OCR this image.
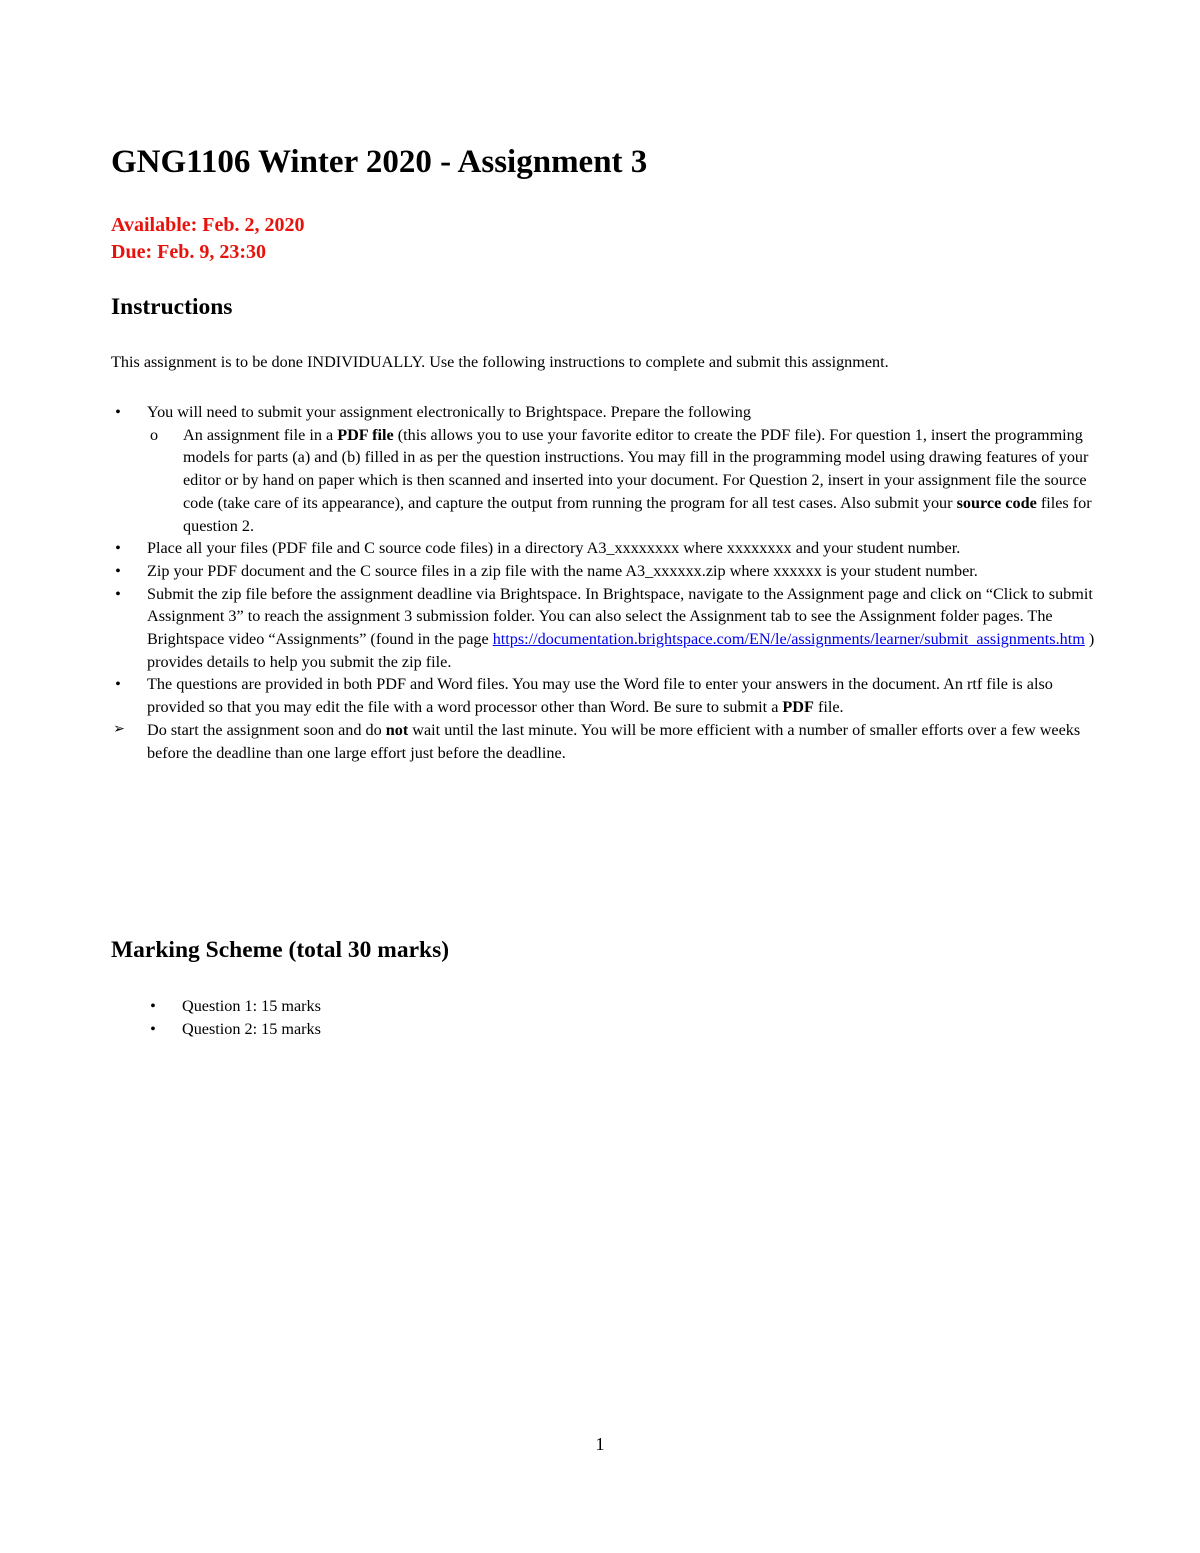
GNG1106 Winter 2020 - Assignment 3
Available: Feb. 2, 2020
Due: Feb. 9, 23:30
Instructions

This assignment is to be done INDIVIDUALLY. Use the following instructions to complete and submit this assignment.

• You will need to submit your assignment electronically to Brightspace. Prepare the following
o An assignment file in a PDF file (this allows you to use your favorite editor to create the PDF file). For question 1, insert the programming models for parts (a) and (b) filled in as per the question instructions. You may fill in the programming model using drawing features of your editor or by hand on paper which is then scanned and inserted into your document. For Question 2, insert in your assignment file the source code (take care of its appearance), and capture the output from running the program for all test cases. Also submit your source code files for question 2.
• Place all your files (PDF file and C source code files) in a directory A3_xxxxxxxx where xxxxxxxx and your student number.
• Zip your PDF document and the C source files in a zip file with the name A3_xxxxxx.zip where xxxxxx is your student number.
• Submit the zip file before the assignment deadline via Brightspace. In Brightspace, navigate to the Assignment page and click on “Click to submit Assignment 3” to reach the assignment 3 submission folder. You can also select the Assignment tab to see the Assignment folder pages. The Brightspace video “Assignments” (found in the page https://documentation.brightspace.com/EN/le/assignments/learner/submit_assignments.htm ) provides details to help you submit the zip file.
• The questions are provided in both PDF and Word files. You may use the Word file to enter your answers in the document. An rtf file is also provided so that you may edit the file with a word processor other than Word. Be sure to submit a PDF file.
➢ Do start the assignment soon and do not wait until the last minute. You will be more efficient with a number of smaller efforts over a few weeks before the deadline than one large effort just before the deadline.
Marking Scheme (total 30 marks)
• Question 1: 15 marks
• Question 2: 15 marks
1
